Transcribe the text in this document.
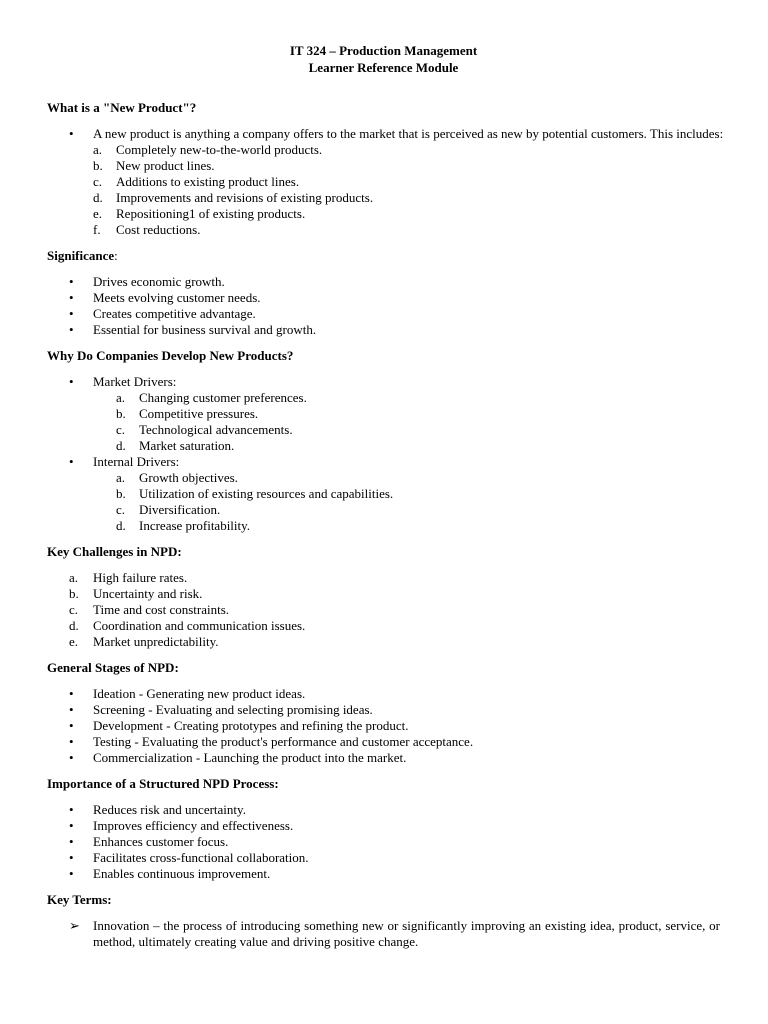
IT 324 – Production Management
Learner Reference Module

What is a "New Product"?

• A new product is anything a company offers to the market that is perceived as new by potential customers. This includes:
a. Completely new-to-the-world products.
b. New product lines.
c. Additions to existing product lines.
d. Improvements and revisions of existing products.
e. Repositioning1 of existing products.
f. Cost reductions.

Significance:

• Drives economic growth.
• Meets evolving customer needs.
• Creates competitive advantage.
• Essential for business survival and growth.

Why Do Companies Develop New Products?

• Market Drivers:
a. Changing customer preferences.
b. Competitive pressures.
c. Technological advancements.
d. Market saturation.
• Internal Drivers:
a. Growth objectives.
b. Utilization of existing resources and capabilities.
c. Diversification.
d. Increase profitability.

Key Challenges in NPD:

a. High failure rates.
b. Uncertainty and risk.
c. Time and cost constraints.
d. Coordination and communication issues.
e. Market unpredictability.

General Stages of NPD:

• Ideation - Generating new product ideas.
• Screening - Evaluating and selecting promising ideas.
• Development - Creating prototypes and refining the product.
• Testing - Evaluating the product's performance and customer acceptance.
• Commercialization - Launching the product into the market.

Importance of a Structured NPD Process:

• Reduces risk and uncertainty.
• Improves efficiency and effectiveness.
• Enhances customer focus.
• Facilitates cross-functional collaboration.
• Enables continuous improvement.

Key Terms:

➢ Innovation – the process of introducing something new or significantly improving an existing idea, product, service, or method, ultimately creating value and driving positive change.
